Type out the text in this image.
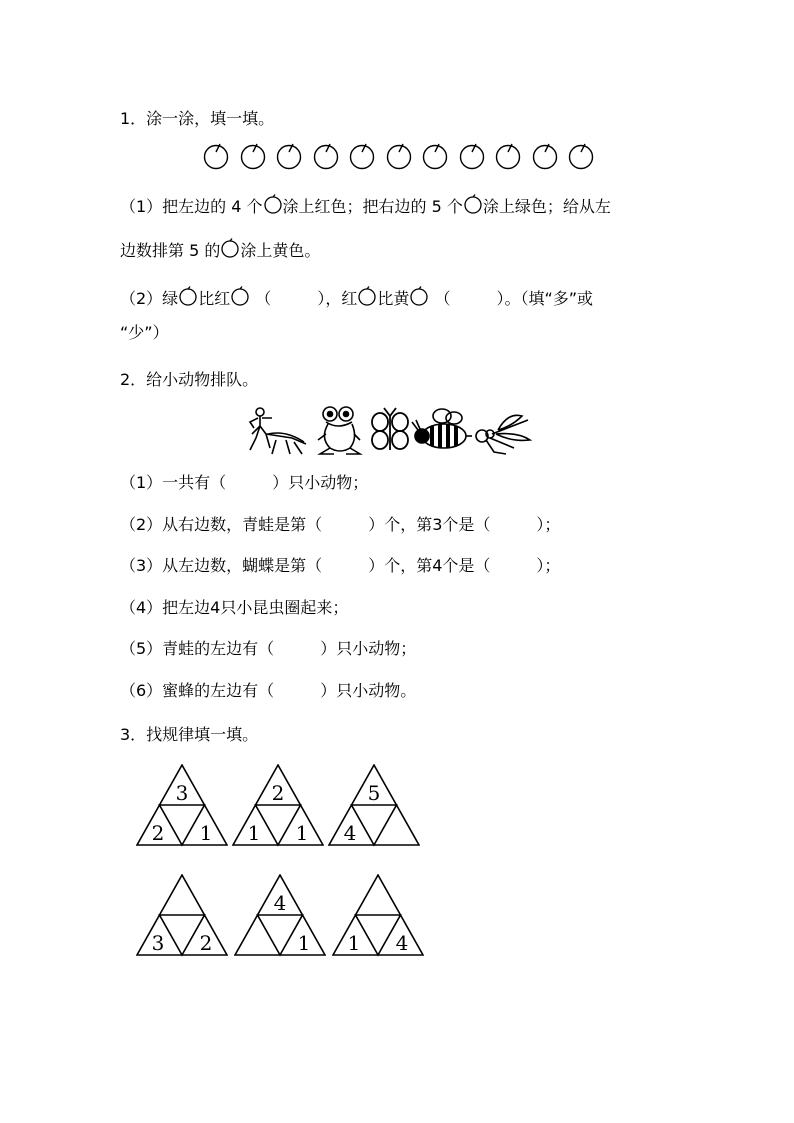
1．涂一涂，填一填。
（1）把左边的 4 个 涂上红色；把右边的 5 个 涂上绿色；给从左
边数排第 5 的 涂上黄色。
（2）绿 比红 （	），红 比黄 （	）。（填“多”或
“少”）
2．给小动物排队。
（1）一共有（	）只小动物；
（2）从右边数，青蛙是第（	）个，第3个是（	）；
（3）从左边数，蝴蝶是第（	）个，第4个是（	）；
（4）把左边4只小昆虫圈起来；
（5）青蛙的左边有（	）只小动物；
（6）蜜蜂的左边有（	）只小动物。
3．找规律填一填。
3
2 1
2
1 1
5
4
3 2
4
1 1 4
